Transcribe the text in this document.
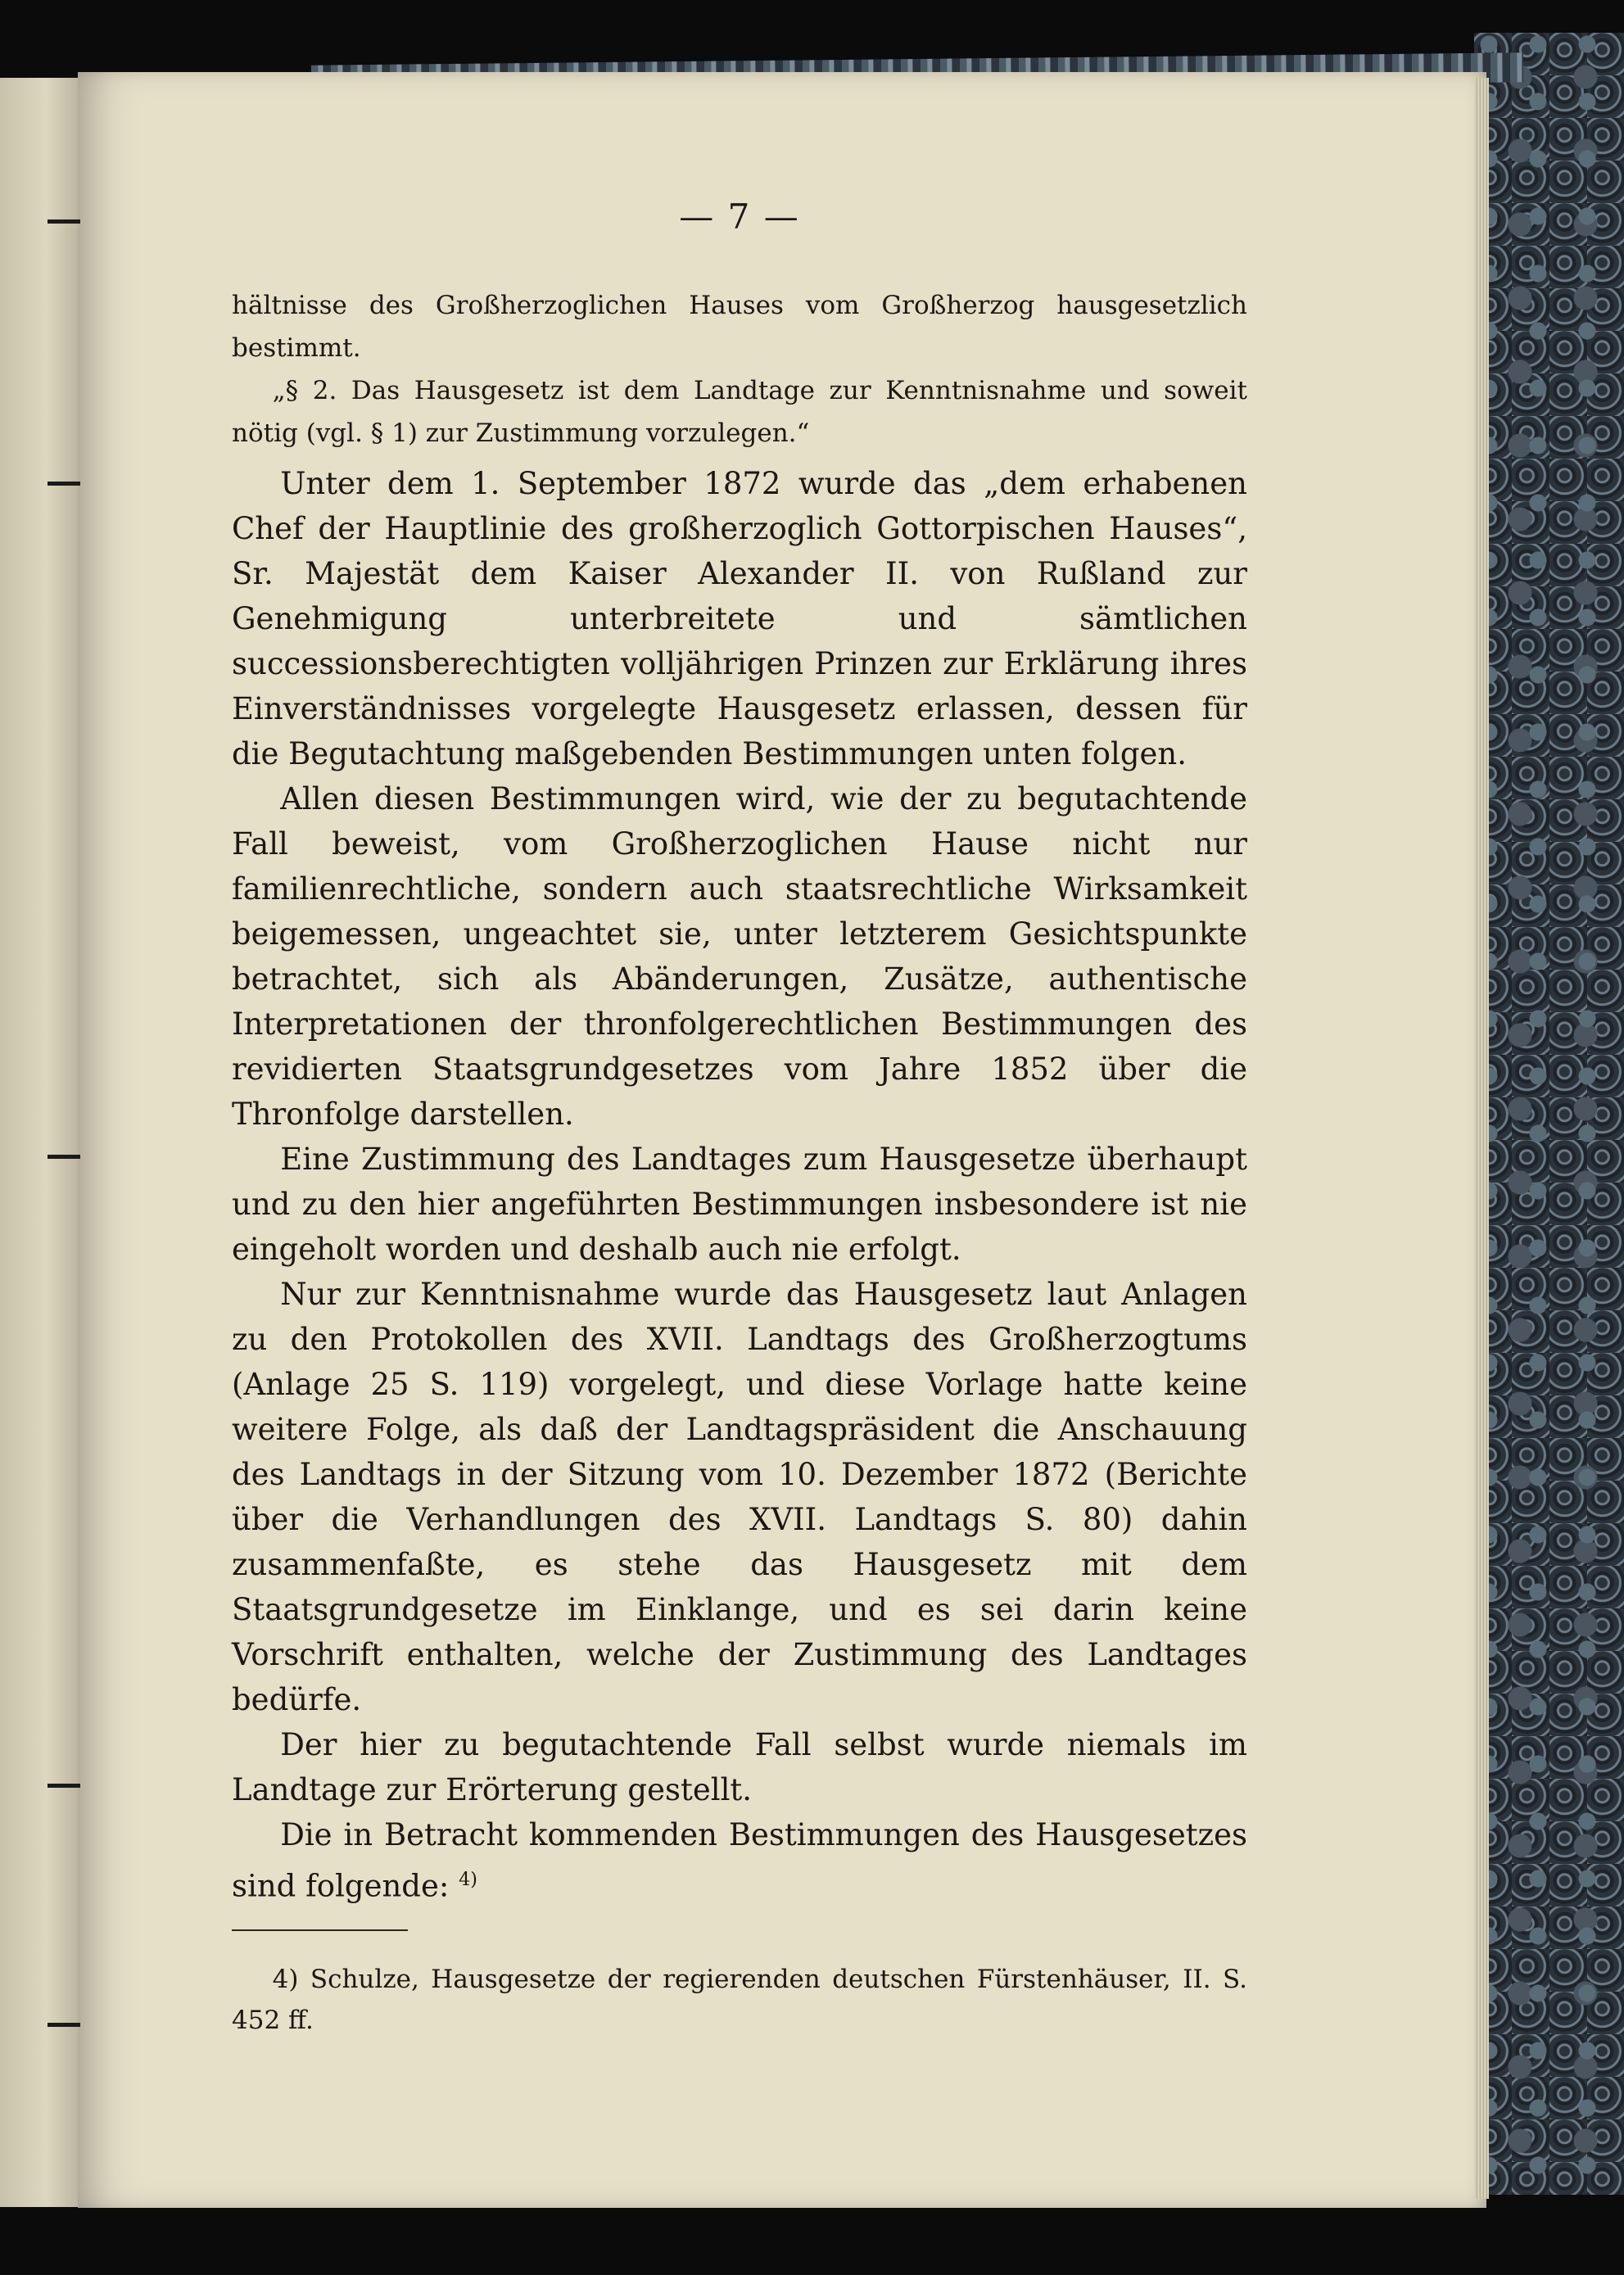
— 7 —

hältnisse des Großherzoglichen Hauses vom Großherzog hausgesetzlich bestimmt.

„§ 2. Das Hausgesetz ist dem Landtage zur Kenntnisnahme und soweit nötig (vgl. § 1) zur Zustimmung vorzulegen.“

Unter dem 1. September 1872 wurde das „dem erhabenen Chef der Hauptlinie des großherzoglich Gottorpischen Hauses“, Sr. Majestät dem Kaiser Alexander II. von Rußland zur Genehmigung unterbreitete und sämtlichen successionsberechtigten volljährigen Prinzen zur Erklärung ihres Einverständnisses vorgelegte Hausgesetz erlassen, dessen für die Begutachtung maßgebenden Bestimmungen unten folgen.

Allen diesen Bestimmungen wird, wie der zu begutachtende Fall beweist, vom Großherzoglichen Hause nicht nur familienrechtliche, sondern auch staatsrechtliche Wirksamkeit beigemessen, ungeachtet sie, unter letzterem Gesichtspunkte betrachtet, sich als Abänderungen, Zusätze, authentische Interpretationen der thronfolgerechtlichen Bestimmungen des revidierten Staatsgrundgesetzes vom Jahre 1852 über die Thronfolge darstellen.

Eine Zustimmung des Landtages zum Hausgesetze überhaupt und zu den hier angeführten Bestimmungen insbesondere ist nie eingeholt worden und deshalb auch nie erfolgt.

Nur zur Kenntnisnahme wurde das Hausgesetz laut Anlagen zu den Protokollen des XVII. Landtags des Großherzogtums (Anlage 25 S. 119) vorgelegt, und diese Vorlage hatte keine weitere Folge, als daß der Landtagspräsident die Anschauung des Landtags in der Sitzung vom 10. Dezember 1872 (Berichte über die Verhandlungen des XVII. Landtags S. 80) dahin zusammenfaßte, es stehe das Hausgesetz mit dem Staatsgrundgesetze im Einklange, und es sei darin keine Vorschrift enthalten, welche der Zustimmung des Landtages bedürfe.

Der hier zu begutachtende Fall selbst wurde niemals im Landtage zur Erörterung gestellt.

Die in Betracht kommenden Bestimmungen des Hausgesetzes sind folgende: $^{4)}$

4) Schulze, Hausgesetze der regierenden deutschen Fürstenhäuser, II. S. 452 ff.
